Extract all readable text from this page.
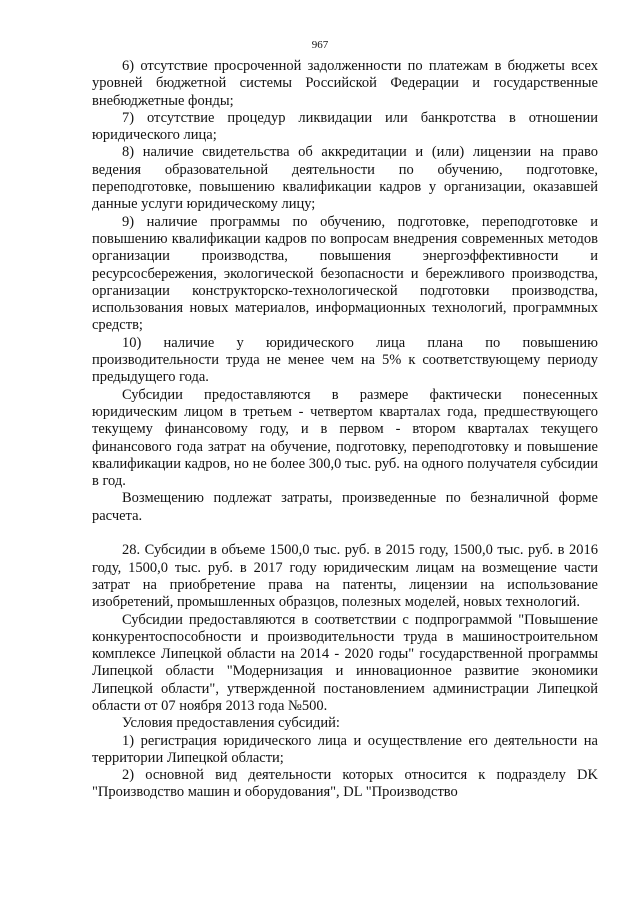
967

6) отсутствие просроченной задолженности по платежам в бюджеты всех уровней бюджетной системы Российской Федерации и государственные внебюджетные фонды;

7) отсутствие процедур ликвидации или банкротства в отношении юридического лица;

8) наличие свидетельства об аккредитации и (или) лицензии на право ведения образовательной деятельности по обучению, подготовке, переподготовке, повышению квалификации кадров у организации, оказавшей данные услуги юридическому лицу;

9) наличие программы по обучению, подготовке, переподготовке и повышению квалификации кадров по вопросам внедрения современных методов организации производства, повышения энергоэффективности и ресурсосбережения, экологической безопасности и бережливого производства, организации конструкторско-технологической подготовки производства, использования новых материалов, информационных технологий, программных средств;

10) наличие у юридического лица плана по повышению производительности труда не менее чем на 5% к соответствующему периоду предыдущего года.

Субсидии предоставляются в размере фактически понесенных юридическим лицом в третьем - четвертом кварталах года, предшествующего текущему финансовому году, и в первом - втором кварталах текущего финансового года затрат на обучение, подготовку, переподготовку и повышение квалификации кадров, но не более 300,0 тыс. руб. на одного получателя субсидии в год.

Возмещению подлежат затраты, произведенные по безналичной форме расчета.

28. Субсидии в объеме 1500,0 тыс. руб. в 2015 году, 1500,0 тыс. руб. в 2016 году, 1500,0 тыс. руб. в 2017 году юридическим лицам на возмещение части затрат на приобретение права на патенты, лицензии на использование изобретений, промышленных образцов, полезных моделей, новых технологий.

Субсидии предоставляются в соответствии с подпрограммой "Повышение конкурентоспособности и производительности труда в машиностроительном комплексе Липецкой области на 2014 - 2020 годы" государственной программы Липецкой области "Модернизация и инновационное развитие экономики Липецкой области", утвержденной постановлением администрации Липецкой области от 07 ноября 2013 года №500.

Условия предоставления субсидий:

1) регистрация юридического лица и осуществление его деятельности на территории Липецкой области;

2) основной вид деятельности которых относится к подразделу DK "Производство машин и оборудования", DL "Производство
